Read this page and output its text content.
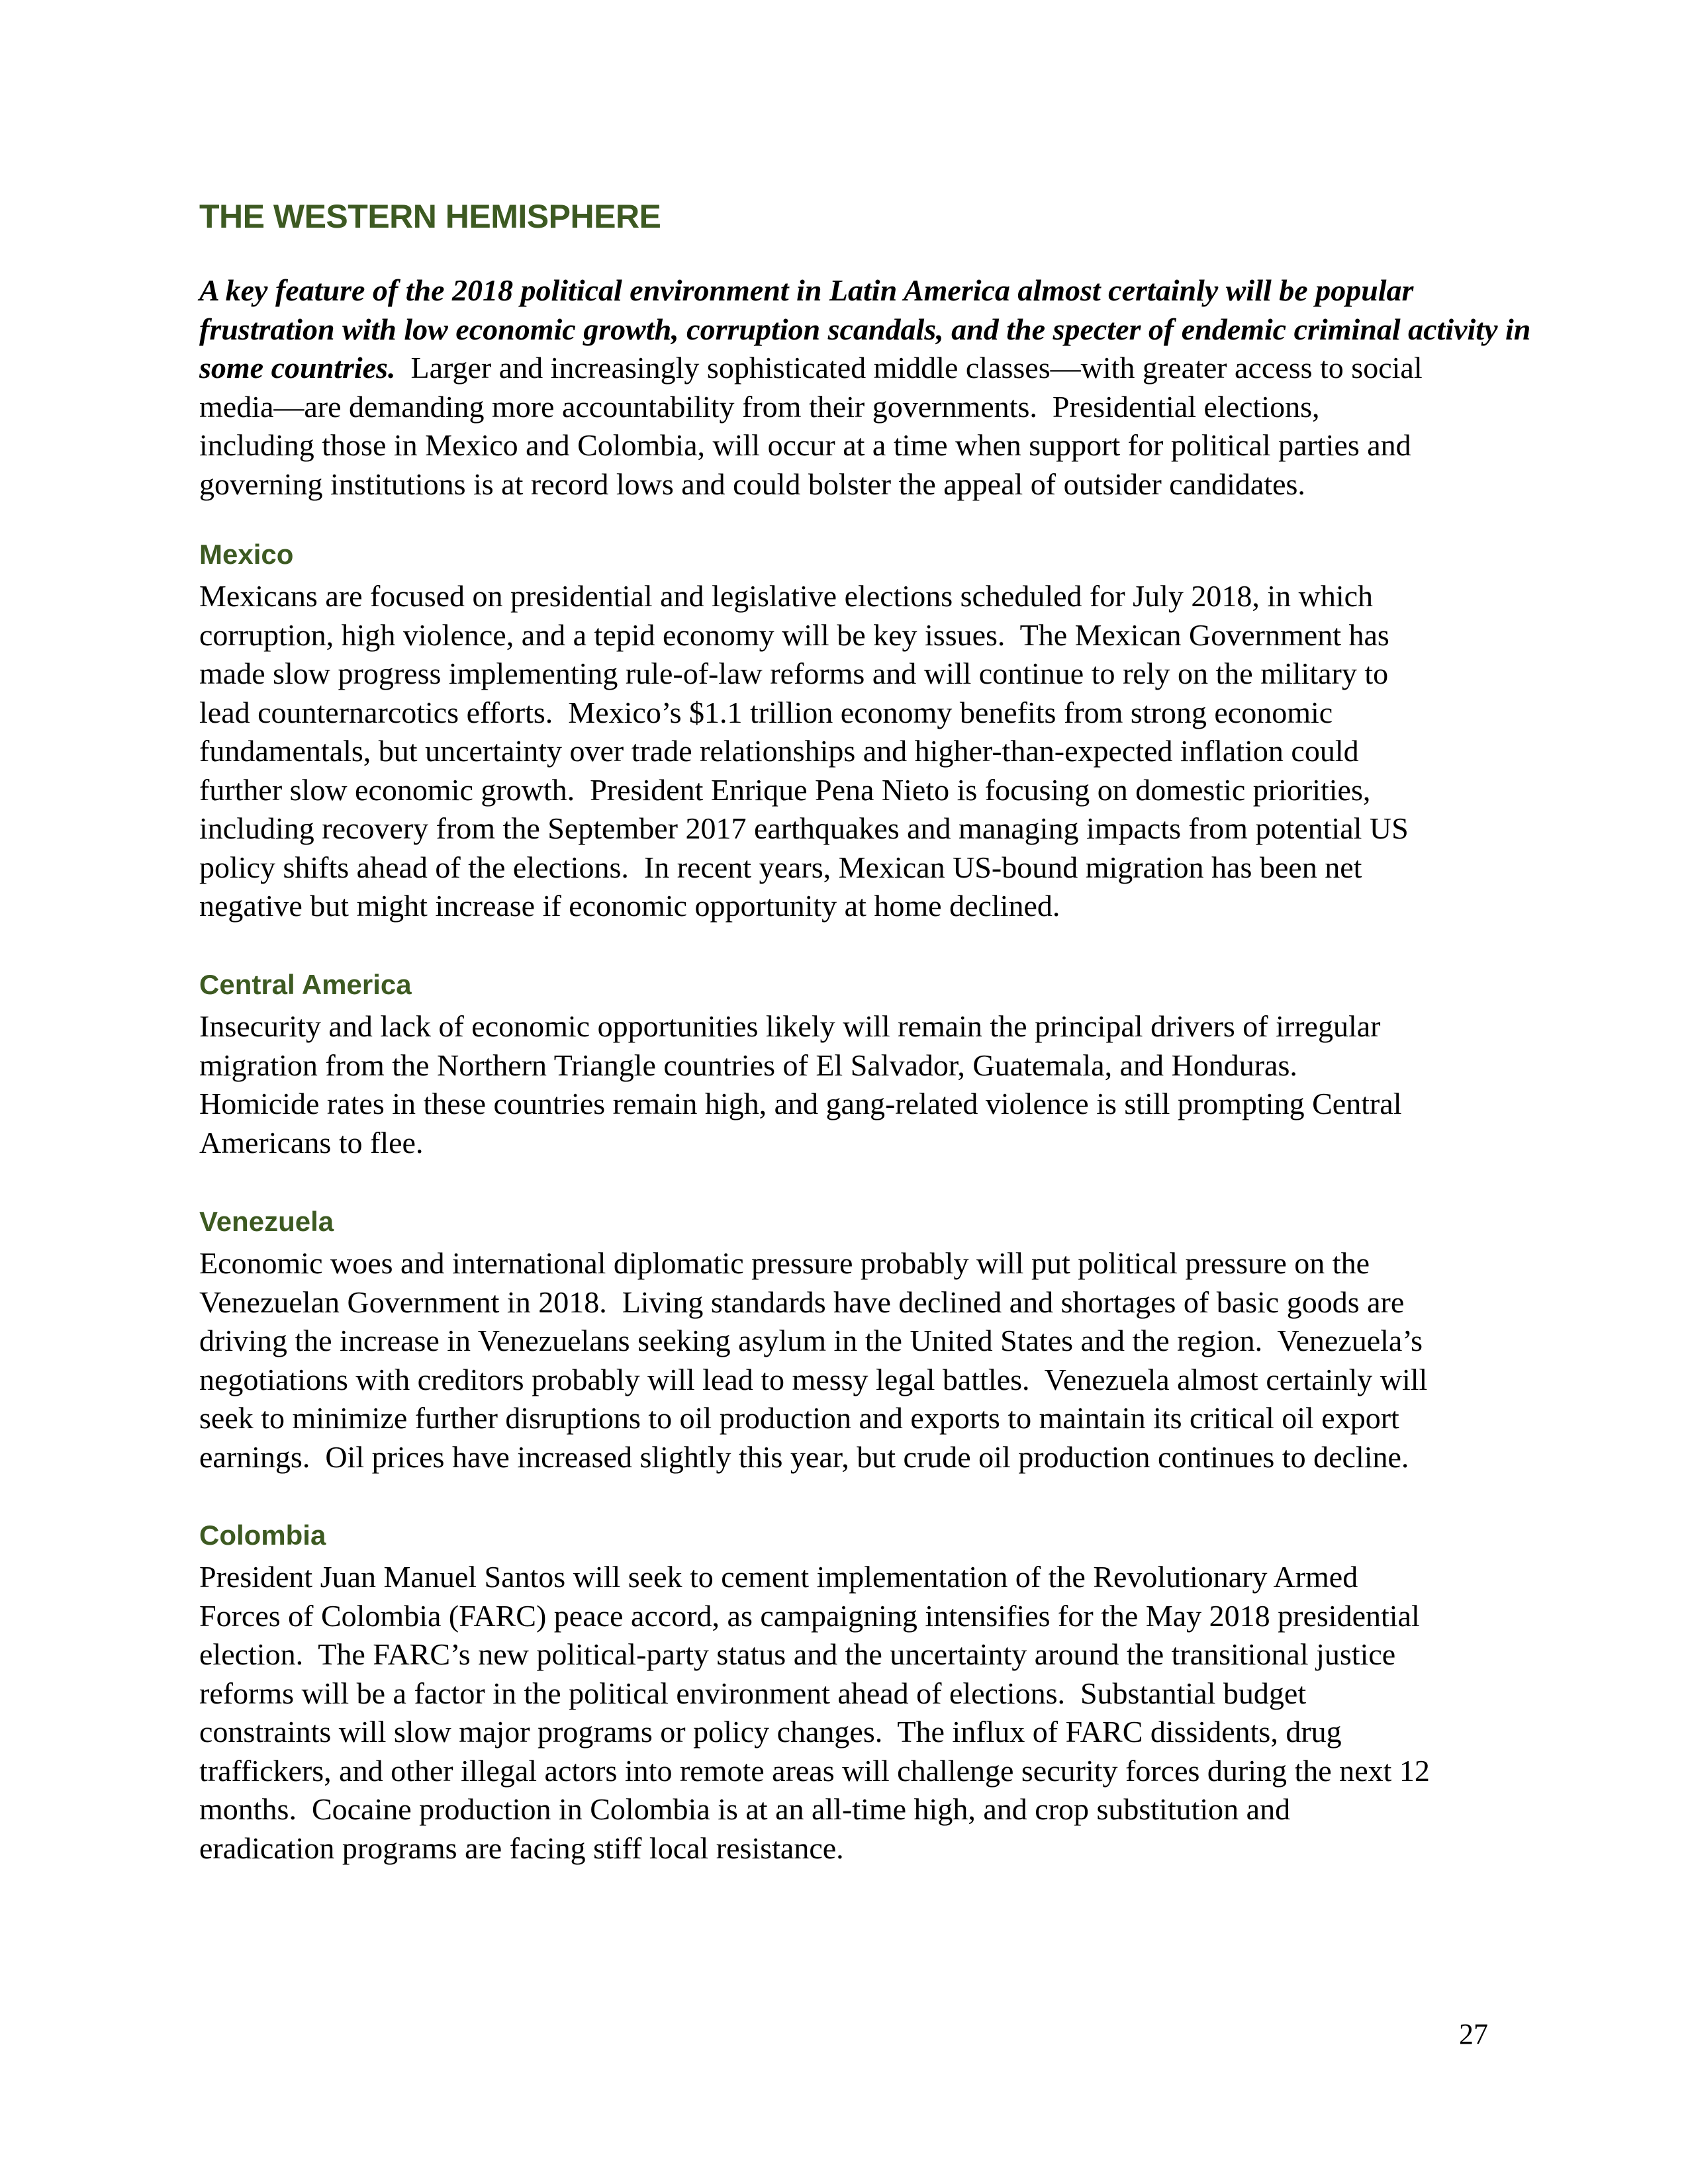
THE WESTERN HEMISPHERE
A key feature of the 2018 political environment in Latin America almost certainly will be popular
frustration with low economic growth, corruption scandals, and the specter of endemic criminal activity in
some countries.  Larger and increasingly sophisticated middle classes—with greater access to social
media—are demanding more accountability from their governments.  Presidential elections,
including those in Mexico and Colombia, will occur at a time when support for political parties and
governing institutions is at record lows and could bolster the appeal of outsider candidates.
Mexico
Mexicans are focused on presidential and legislative elections scheduled for July 2018, in which
corruption, high violence, and a tepid economy will be key issues.  The Mexican Government has
made slow progress implementing rule-of-law reforms and will continue to rely on the military to
lead counternarcotics efforts.  Mexico’s $1.1 trillion economy benefits from strong economic
fundamentals, but uncertainty over trade relationships and higher-than-expected inflation could
further slow economic growth.  President Enrique Pena Nieto is focusing on domestic priorities,
including recovery from the September 2017 earthquakes and managing impacts from potential US
policy shifts ahead of the elections.  In recent years, Mexican US-bound migration has been net
negative but might increase if economic opportunity at home declined.
Central America
Insecurity and lack of economic opportunities likely will remain the principal drivers of irregular
migration from the Northern Triangle countries of El Salvador, Guatemala, and Honduras.
Homicide rates in these countries remain high, and gang-related violence is still prompting Central
Americans to flee.
Venezuela
Economic woes and international diplomatic pressure probably will put political pressure on the
Venezuelan Government in 2018.  Living standards have declined and shortages of basic goods are
driving the increase in Venezuelans seeking asylum in the United States and the region.  Venezuela’s
negotiations with creditors probably will lead to messy legal battles.  Venezuela almost certainly will
seek to minimize further disruptions to oil production and exports to maintain its critical oil export
earnings.  Oil prices have increased slightly this year, but crude oil production continues to decline.
Colombia
President Juan Manuel Santos will seek to cement implementation of the Revolutionary Armed
Forces of Colombia (FARC) peace accord, as campaigning intensifies for the May 2018 presidential
election.  The FARC’s new political-party status and the uncertainty around the transitional justice
reforms will be a factor in the political environment ahead of elections.  Substantial budget
constraints will slow major programs or policy changes.  The influx of FARC dissidents, drug
traffickers, and other illegal actors into remote areas will challenge security forces during the next 12
months.  Cocaine production in Colombia is at an all-time high, and crop substitution and
eradication programs are facing stiff local resistance.
27
